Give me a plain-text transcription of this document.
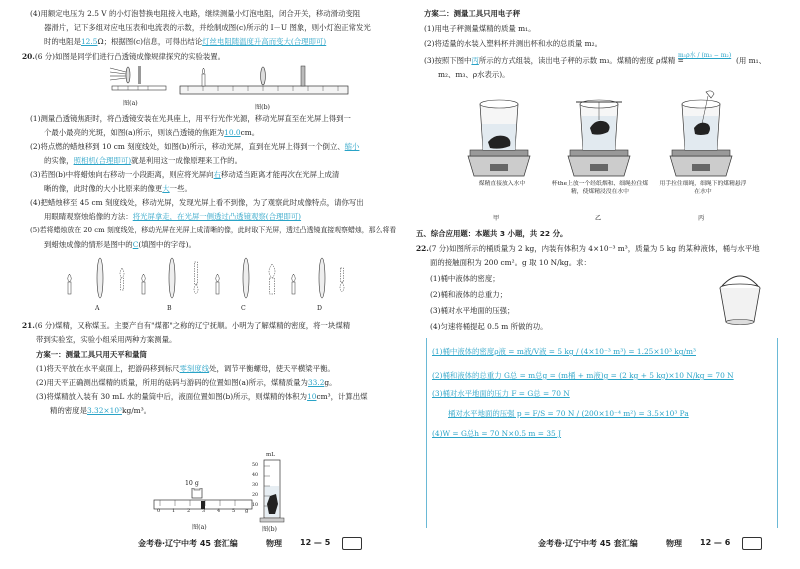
(4)用额定电压为 2.5 V 的小灯泡替换电阻接入电路，继续测量小灯泡电阻，闭合开关，移动滑动变阻
器滑片，记下多组对应电压表和电流表的示数，并绘制成图(c)所示的 I－U 图象，则小灯泡正常发光
时的电阻是12.5Ω；根据图(c)信息，可得出结论灯丝电阻随温度升高而变大(合理即可)
20.(6 分)如图是同学们进行凸透镜成像规律探究的实验装置。
图(a)
图(b)
(1)测量凸透镜焦距时，将凸透镜安装在光具座上，用平行光作光源，移动光屏直至在光屏上得到一
个最小最亮的光斑，如图(a)所示，则该凸透镜的焦距为10.0cm。
(2)将点燃的蜡烛移到 10 cm 刻度线处，如图(b)所示，移动光屏，直到在光屏上得到一个倒立、缩小
的实像，照相机(合理即可)就是利用这一成像原理来工作的。
(3)若图(b)中将蜡烛向右移动一小段距离，则应将光屏向右移动适当距离才能再次在光屏上成清
晰的像，此时像的大小比原来的像更大一些。
(4)把蜡烛移至 45 cm 刻度线处，移动光屏，发现光屏上看不到像，为了观察此时成像特点，请你写出
用眼睛观察烛焰像的方法：将光屏拿走，在光屏一侧透过凸透镜观察(合理即可)
(5)若将蜡烛放在 20 cm 刻度线处，移动光屏在光屏上成清晰的像，此时取下光屏，透过凸透镜直接观察蜡烛，那么将看
到蜡烛成像的情形是图中的C(填图中的字母)。
A	B	C	D
21.(6 分)煤精，又称煤玉。主要产自有"煤都"之称的辽宁抚顺。小明为了解煤精的密度，将一块煤精
带到实验室，实验小组采用两种方案测量。
方案一：测量工具只用天平和量筒
(1)将天平放在水平桌面上，把游码移到标尺零刻度线处，调节平衡螺母，使天平横梁平衡。
(2)用天平正确测出煤精的质量，所用的砝码与游码的位置如图(a)所示，煤精质量为33.2g。
(3)将煤精放入装有 30 mL 水的量筒中后，液面位置如图(b)所示，则煤精的体积为10cm³，计算出煤
精的密度是3.32×10³kg/m³。
10 g
0 1 2 3 4 5 g
图(a)
mL
50
40
30
20
10
图(b)
金考卷·辽宁中考 45 套汇编	物理 12 — 5
方案二：测量工具只用电子秤
(1)用电子秤测量煤精的质量 m₁。
(2)将适量的水装入塑料杯并测出杯和水的总质量 m₂。
(3)按照下图中丙所示的方式组装，读出电子秤的示数 m₃。煤精的密度 ρ煤精 =
m₁ρ水 / (m₃ − m₂)
(用 m₁、
m₂、m₃、ρ水表示)。
煤精直接放入水中	杯the上放一个经纸烟和、细绳拉住煤精，使煤精浸没在水中
用手拉住细绳，细绳下的煤精悬浮在水中
甲	乙	丙
五、综合应用题：本题共 3 小题，共 22 分。
22.(7 分)如图所示的桶质量为 2 kg，内装有体积为 4×10⁻³ m³，质量为 5 kg 的某种液体，桶与水平地
面的接触面积为 200 cm²。g 取 10 N/kg。求：
(1)桶中液体的密度；
(2)桶和液体的总重力；
(3)桶对水平地面的压强；
(4)匀速将桶提起 0.5 m 所做的功。
(1)桶中液体的密度ρ液 = m液/V液 = 5 kg / (4×10⁻³ m³) = 1.25×10³ kg/m³
(2)桶和液体的总重力 G总 = m总g = (m桶 + m液)g = (2 kg + 5 kg)×10 N/kg = 70 N
(3)桶对水平地面的压力 F = G总 = 70 N
桶对水平地面的压强 p = F/S = 70 N / (200×10⁻⁴ m²) = 3.5×10³ Pa
(4)W = G总h = 70 N×0.5 m = 35 J
金考卷·辽宁中考 45 套汇编	物理 12 — 6
